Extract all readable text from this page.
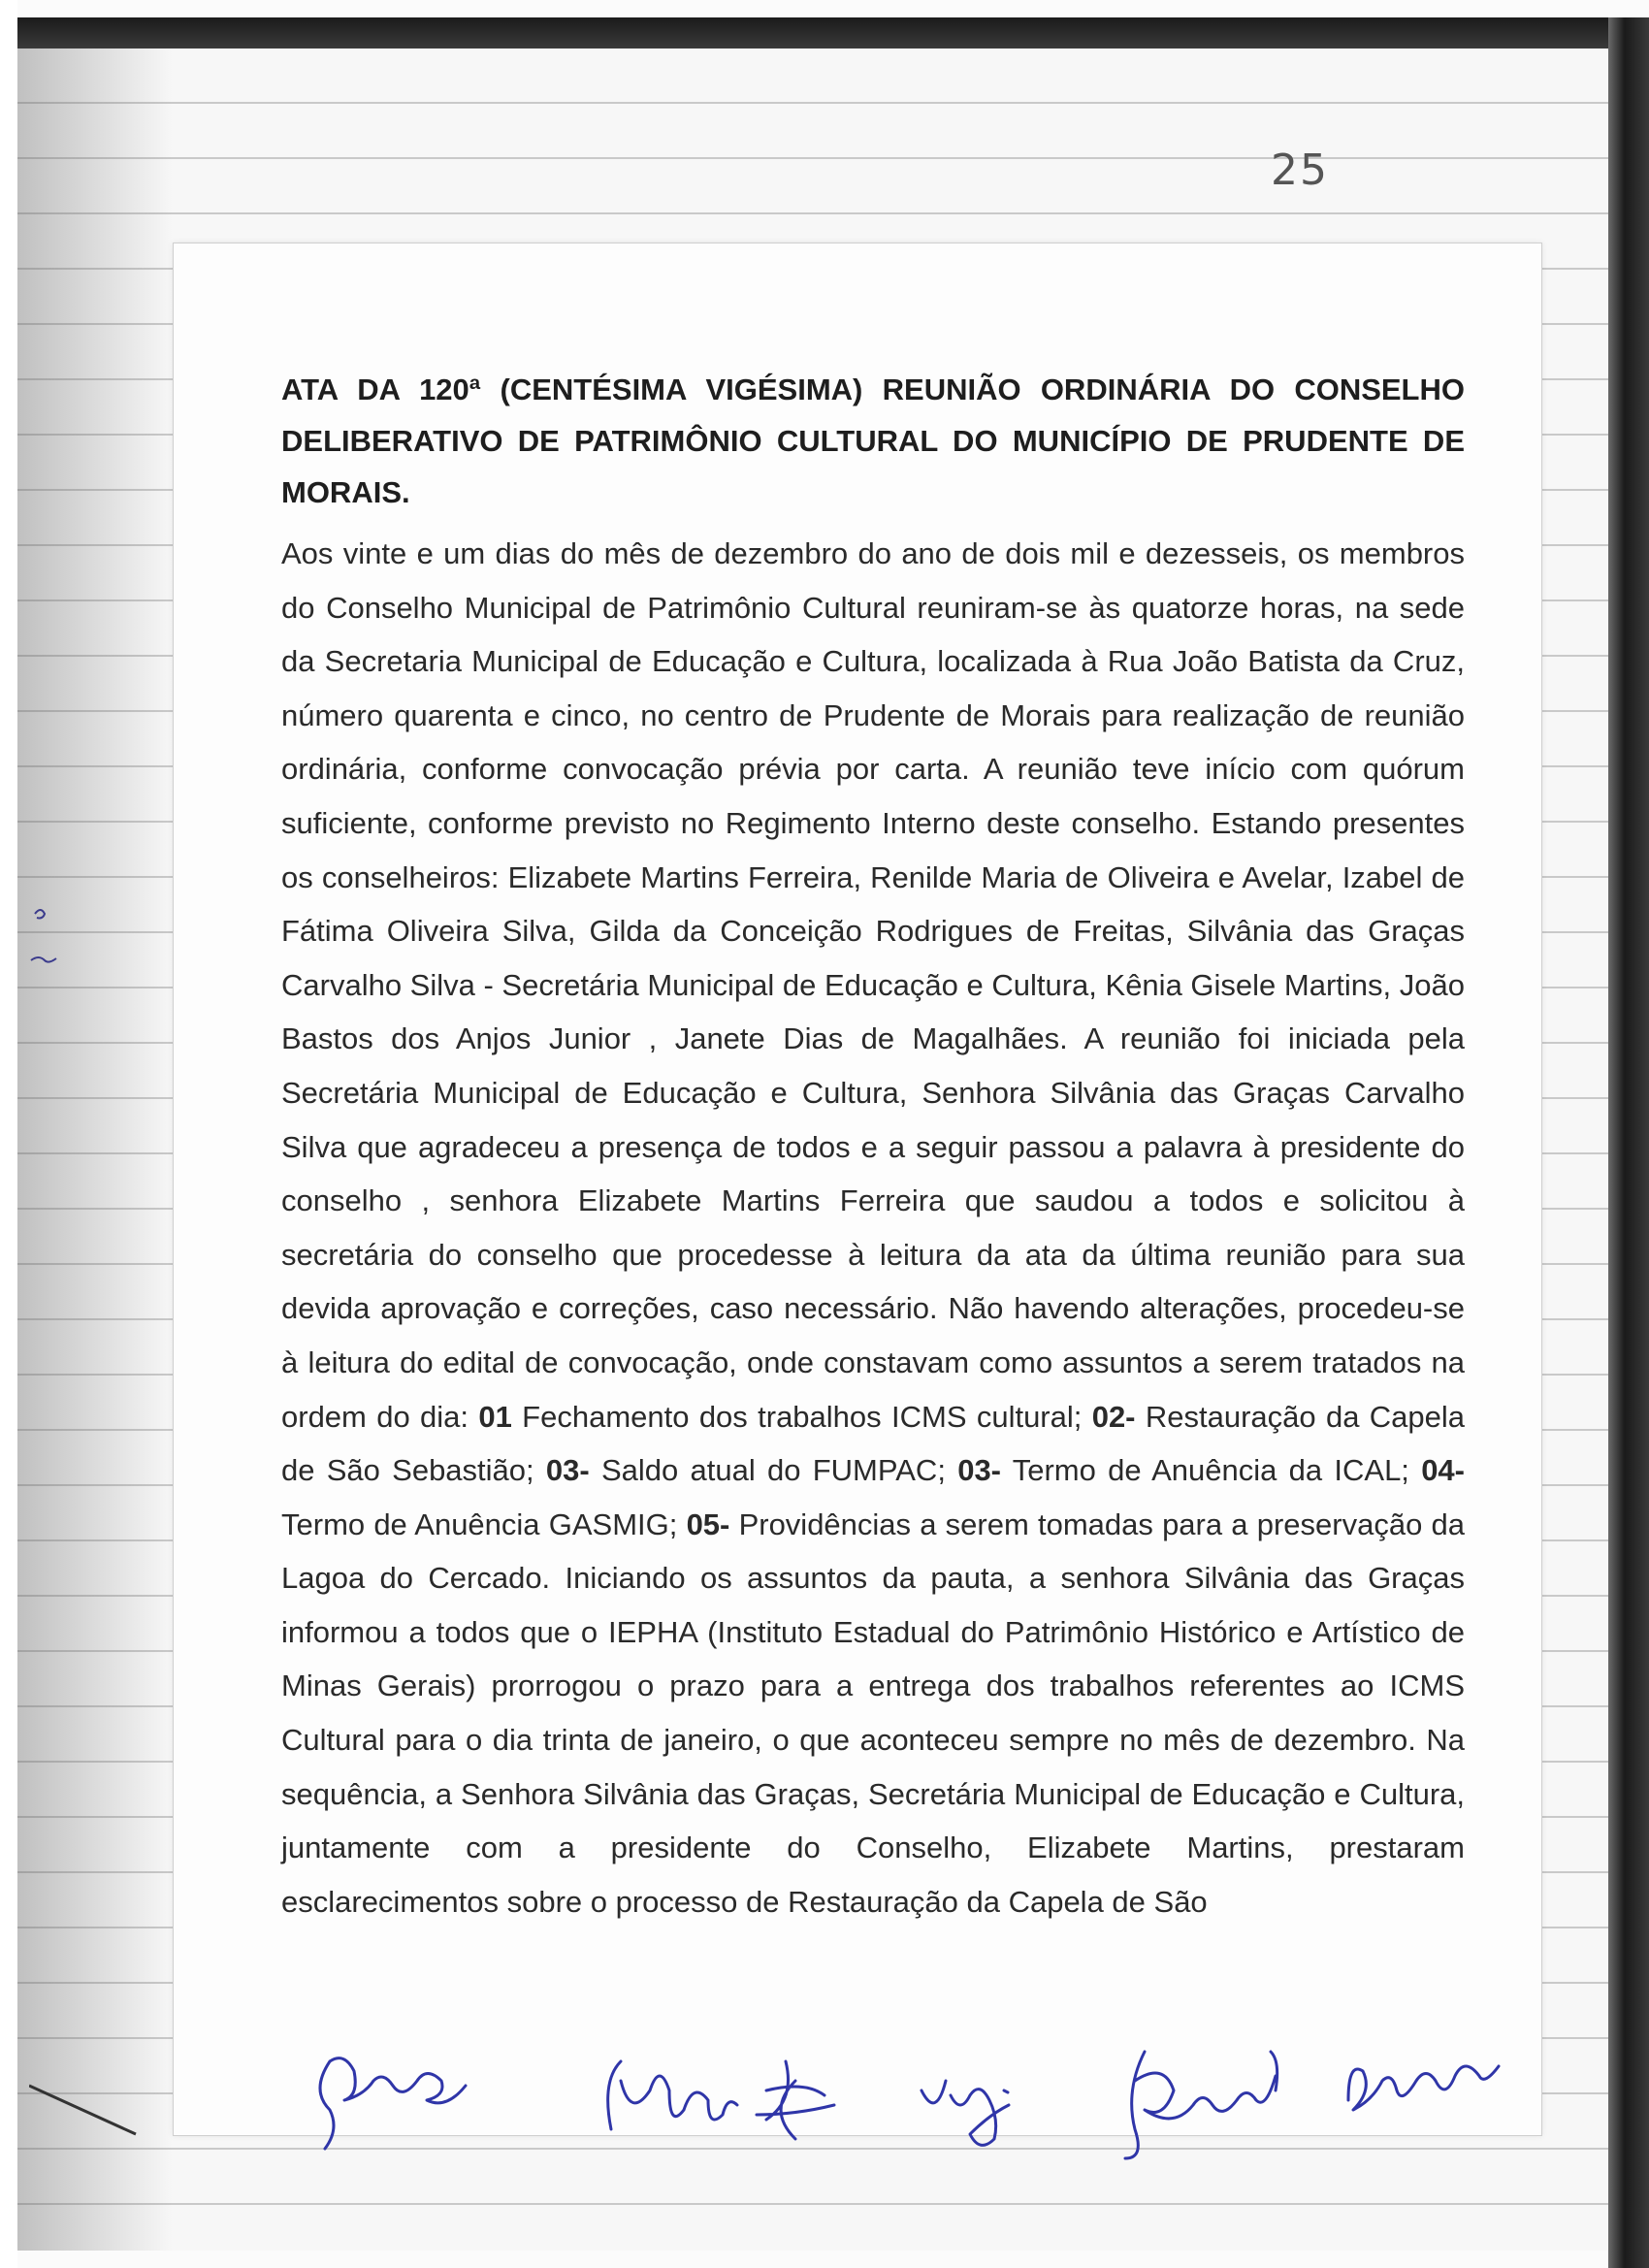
25
ATA DA 120ª (CENTÉSIMA VIGÉSIMA) REUNIÃO ORDINÁRIA DO CONSELHO DELIBERATIVO DE PATRIMÔNIO CULTURAL DO MUNICÍPIO DE PRUDENTE DE MORAIS.

Aos vinte e um dias do mês de dezembro do ano de dois mil e dezesseis, os membros do Conselho Municipal de Patrimônio Cultural reuniram-se às quatorze horas, na sede da Secretaria Municipal de Educação e Cultura, localizada à Rua João Batista da Cruz, número quarenta e cinco, no centro de Prudente de Morais para realização de reunião ordinária, conforme convocação prévia por carta. A reunião teve início com quórum suficiente, conforme previsto no Regimento Interno deste conselho. Estando presentes os conselheiros: Elizabete Martins Ferreira, Renilde Maria de Oliveira e Avelar, Izabel de Fátima Oliveira Silva, Gilda da Conceição Rodrigues de Freitas, Silvânia das Graças Carvalho Silva - Secretária Municipal de Educação e Cultura, Kênia Gisele Martins, João Bastos dos Anjos Junior , Janete Dias de Magalhães. A reunião foi iniciada pela Secretária Municipal de Educação e Cultura, Senhora Silvânia das Graças Carvalho Silva que agradeceu a presença de todos e a seguir passou a palavra à presidente do conselho , senhora Elizabete Martins Ferreira que saudou a todos e solicitou à secretária do conselho que procedesse à leitura da ata da última reunião para sua devida aprovação e correções, caso necessário. Não havendo alterações, procedeu-se à leitura do edital de convocação, onde constavam como assuntos a serem tratados na ordem do dia: 01 Fechamento dos trabalhos ICMS cultural; 02- Restauração da Capela de São Sebastião; 03- Saldo atual do FUMPAC; 03- Termo de Anuência da ICAL; 04- Termo de Anuência GASMIG; 05- Providências a serem tomadas para a preservação da Lagoa do Cercado. Iniciando os assuntos da pauta, a senhora Silvânia das Graças informou a todos que o IEPHA (Instituto Estadual do Patrimônio Histórico e Artístico de Minas Gerais) prorrogou o prazo para a entrega dos trabalhos referentes ao ICMS Cultural para o dia trinta de janeiro, o que aconteceu sempre no mês de dezembro. Na sequência, a Senhora Silvânia das Graças, Secretária Municipal de Educação e Cultura, juntamente com a presidente do Conselho, Elizabete Martins, prestaram esclarecimentos sobre o processo de Restauração da Capela de São
